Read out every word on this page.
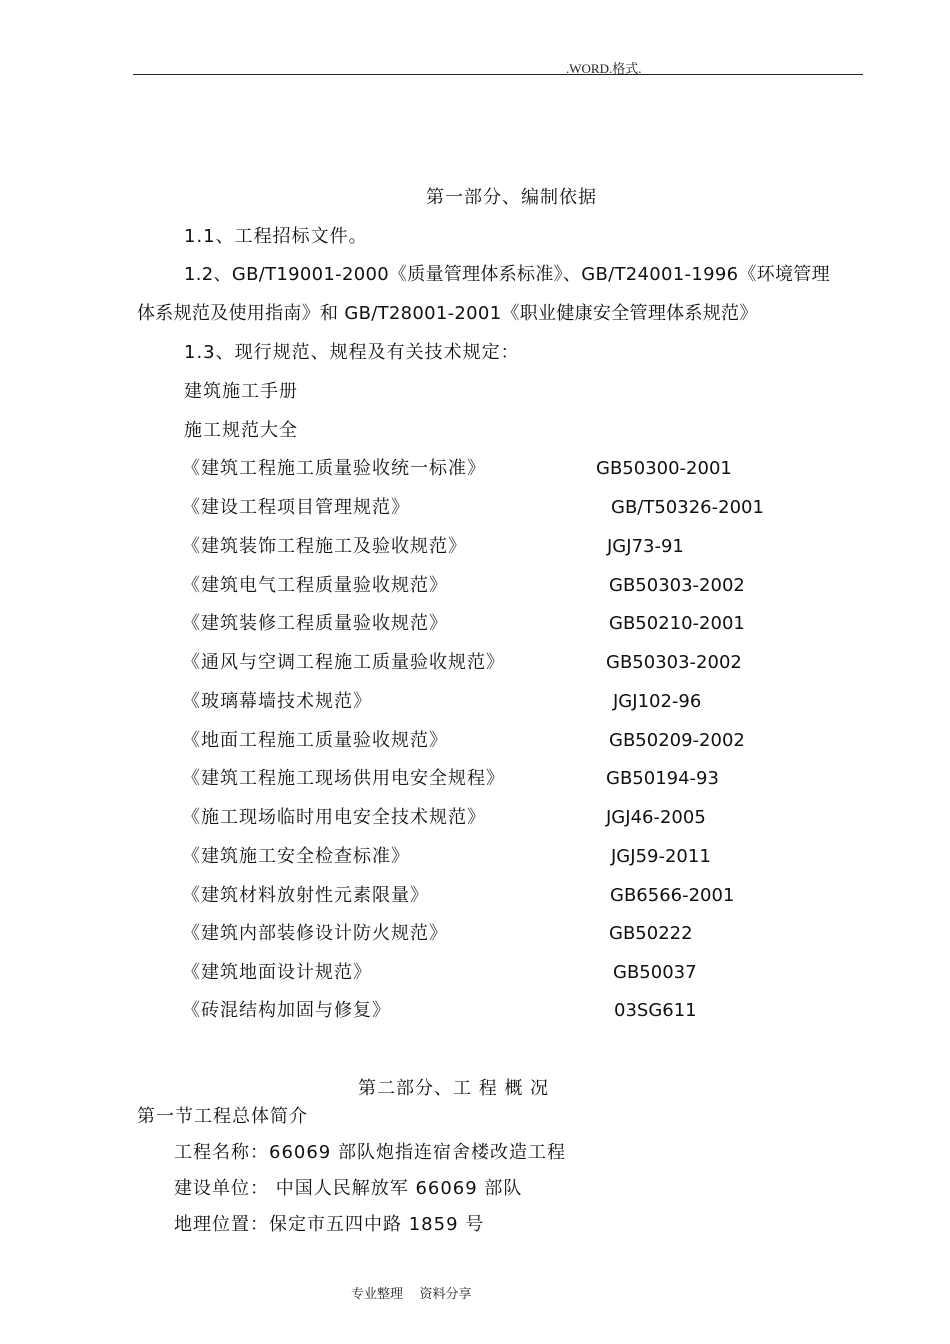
.WORD.格式.
第一部分、编制依据
1.1、工程招标文件。
1.2、GB/T19001-2000《质量管理体系标准》、GB/T24001-1996《环境管理
体系规范及使用指南》和 GB/T28001-2001《职业健康安全管理体系规范》
1.3、现行规范、规程及有关技术规定：
建筑施工手册
施工规范大全
《建筑工程施工质量验收统一标准》	GB50300-2001
《建设工程项目管理规范》	GB/T50326-2001
《建筑装饰工程施工及验收规范》	JGJ73-91
《建筑电气工程质量验收规范》	GB50303-2002
《建筑装修工程质量验收规范》	GB50210-2001
《通风与空调工程施工质量验收规范》	GB50303-2002
《玻璃幕墙技术规范》	JGJ102-96
《地面工程施工质量验收规范》	GB50209-2002
《建筑工程施工现场供用电安全规程》	GB50194-93
《施工现场临时用电安全技术规范》	JGJ46-2005
《建筑施工安全检查标准》	JGJ59-2011
《建筑材料放射性元素限量》	GB6566-2001
《建筑内部装修设计防火规范》	GB50222
《建筑地面设计规范》	GB50037
《砖混结构加固与修复》	03SG611
第二部分、工 程 概 况
第一节工程总体简介
工程名称：66069 部队炮指连宿舍楼改造工程
建设单位： 中国人民解放军 66069 部队
地理位置：保定市五四中路 1859 号
专业整理    资料分享
